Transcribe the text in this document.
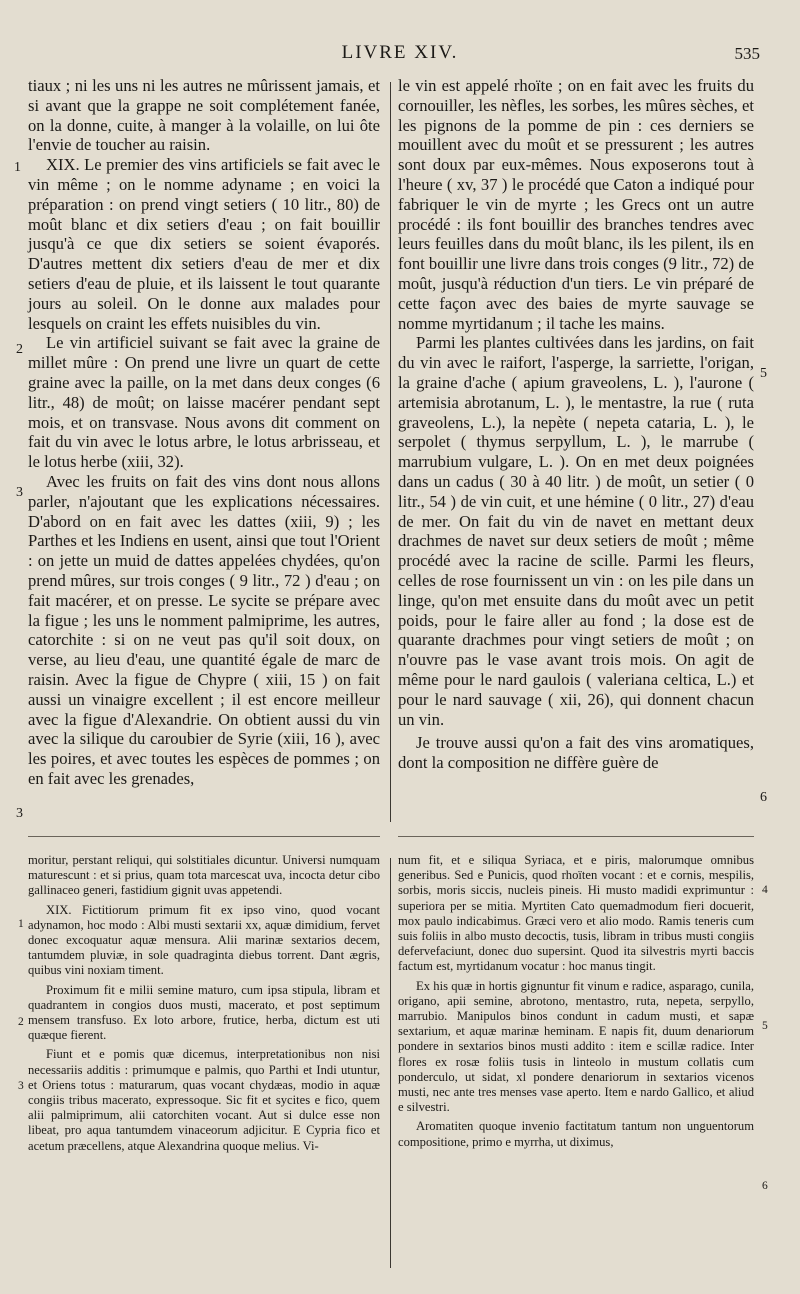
LIVRE XIV.	535

tiaux ; ni les uns ni les autres ne mûrissent jamais, et si avant que la grappe ne soit complétement fanée, on la donne, cuite, à manger à la volaille, on lui ôte l'envie de toucher au raisin.

XIX. Le premier des vins artificiels se fait avec le vin même ; on le nomme adyname ; en voici la préparation : on prend vingt setiers ( 10 litr., 80) de moût blanc et dix setiers d'eau ; on fait bouillir jusqu'à ce que dix setiers se soient évaporés. D'autres mettent dix setiers d'eau de mer et dix setiers d'eau de pluie, et ils laissent le tout quarante jours au soleil. On le donne aux malades pour lesquels on craint les effets nuisibles du vin.

Le vin artificiel suivant se fait avec la graine de millet mûre : On prend une livre un quart de cette graine avec la paille, on la met dans deux conges (6 litr., 48) de moût; on laisse macérer pendant sept mois, et on transvase. Nous avons dit comment on fait du vin avec le lotus arbre, le lotus arbrisseau, et le lotus herbe (xiii, 32).

Avec les fruits on fait des vins dont nous allons parler, n'ajoutant que les explications nécessaires. D'abord on en fait avec les dattes (xiii, 9) ; les Parthes et les Indiens en usent, ainsi que tout l'Orient : on jette un muid de dattes appelées chydées, qu'on prend mûres, sur trois conges ( 9 litr., 72 ) d'eau ; on fait macérer, et on presse. Le sycite se prépare avec la figue ; les uns le nomment palmiprime, les autres, catorchite : si on ne veut pas qu'il soit doux, on verse, au lieu d'eau, une quantité égale de marc de raisin. Avec la figue de Chypre ( xiii, 15 ) on fait aussi un vinaigre excellent ; il est encore meilleur avec la figue d'Alexandrie. On obtient aussi du vin avec la silique du caroubier de Syrie (xiii, 16 ), avec les poires, et avec toutes les espèces de pommes ; on en fait avec les grenades,

le vin est appelé rhoïte ; on en fait avec les fruits du cornouiller, les nèfles, les sorbes, les mûres sèches, et les pignons de la pomme de pin : ces derniers se mouillent avec du moût et se pressurent ; les autres sont doux par eux-mêmes. Nous exposerons tout à l'heure ( xv, 37 ) le procédé que Caton a indiqué pour fabriquer le vin de myrte ; les Grecs ont un autre procédé : ils font bouillir des branches tendres avec leurs feuilles dans du moût blanc, ils les pilent, ils en font bouillir une livre dans trois conges (9 litr., 72) de moût, jusqu'à réduction d'un tiers. Le vin préparé de cette façon avec des baies de myrte sauvage se nomme myrtidanum ; il tache les mains.

Parmi les plantes cultivées dans les jardins, on fait du vin avec le raifort, l'asperge, la sarriette, l'origan, la graine d'ache ( apium graveolens, L. ), l'aurone ( artemisia abrotanum, L. ), le mentastre, la rue ( ruta graveolens, L.), la nepète ( nepeta cataria, L. ), le serpolet ( thymus serpyllum, L. ), le marrube ( marrubium vulgare, L. ). On en met deux poignées dans un cadus ( 30 à 40 litr. ) de moût, un setier ( 0 litr., 54 ) de vin cuit, et une hémine ( 0 litr., 27) d'eau de mer. On fait du vin de navet en mettant deux drachmes de navet sur deux setiers de moût ; même procédé avec la racine de scille. Parmi les fleurs, celles de rose fournissent un vin : on les pile dans un linge, qu'on met ensuite dans du moût avec un petit poids, pour le faire aller au fond ; la dose est de quarante drachmes pour vingt setiers de moût ; on n'ouvre pas le vase avant trois mois. On agit de même pour le nard gaulois ( valeriana celtica, L.) et pour le nard sauvage ( xii, 26), qui donnent chacun un vin.

Je trouve aussi qu'on a fait des vins aromatiques, dont la composition ne diffère guère de

1
2
3
3
5
6

moritur, perstant reliqui, qui solstitiales dicuntur. Universi numquam maturescunt : et si prius, quam tota marcescat uva, incocta detur cibo gallinaceo generi, fastidium gignit uvas appetendi.

XIX. Fictitiorum primum fit ex ipso vino, quod vocant adynamon, hoc modo : Albi musti sextarii xx, aquæ dimidium, fervet donec excoquatur aquæ mensura. Alii marinæ sextarios decem, tantumdem pluviæ, in sole quadraginta diebus torrent. Dant ægris, quibus vini noxiam timent.

Proximum fit e milii semine maturo, cum ipsa stipula, libram et quadrantem in congios duos musti, macerato, et post septimum mensem transfuso. Ex loto arbore, frutice, herba, dictum est uti quæque fierent.

Fiunt et e pomis quæ dicemus, interpretationibus non nisi necessariis additis : primumque e palmis, quo Parthi et Indi utuntur, et Oriens totus : maturarum, quas vocant chydæas, modio in aquæ congiis tribus macerato, expressoque. Sic fit et sycites e fico, quem alii palmiprimum, alii catorchiten vocant. Aut si dulce esse non libeat, pro aqua tantumdem vinaceorum adjicitur. E Cypria fico et acetum præcellens, atque Alexandrina quoque melius. Vi-

num fit, et e siliqua Syriaca, et e piris, malorumque omnibus generibus. Sed e Punicis, quod rhoïten vocant : et e cornis, mespilis, sorbis, moris siccis, nucleis pineis. Hi musto madidi exprimuntur : superiora per se mitia. Myrtiten Cato quemadmodum fieri docuerit, mox paulo indicabimus. Græci vero et alio modo. Ramis teneris cum suis foliis in albo musto decoctis, tusis, libram in tribus musti congiis defervefaciunt, donec duo supersint. Quod ita silvestris myrti baccis factum est, myrtidanum vocatur : hoc manus tingit.

Ex his quæ in hortis gignuntur fit vinum e radice, asparago, cunila, origano, apii semine, abrotono, mentastro, ruta, nepeta, serpyllo, marrubio. Manipulos binos condunt in cadum musti, et sapæ sextarium, et aquæ marinæ heminam. E napis fit, duum denariorum pondere in sextarios binos musti addito : item e scillæ radice. Inter flores ex rosæ foliis tusis in linteolo in mustum collatis cum ponderculo, ut sidat, xl pondere denariorum in sextarios vicenos musti, nec ante tres menses vase aperto. Item e nardo Gallico, et aliud e silvestri.

Aromatiten quoque invenio factitatum tantum non unguentorum compositione, primo e myrrha, ut diximus,

1
2
3
4
5
6
